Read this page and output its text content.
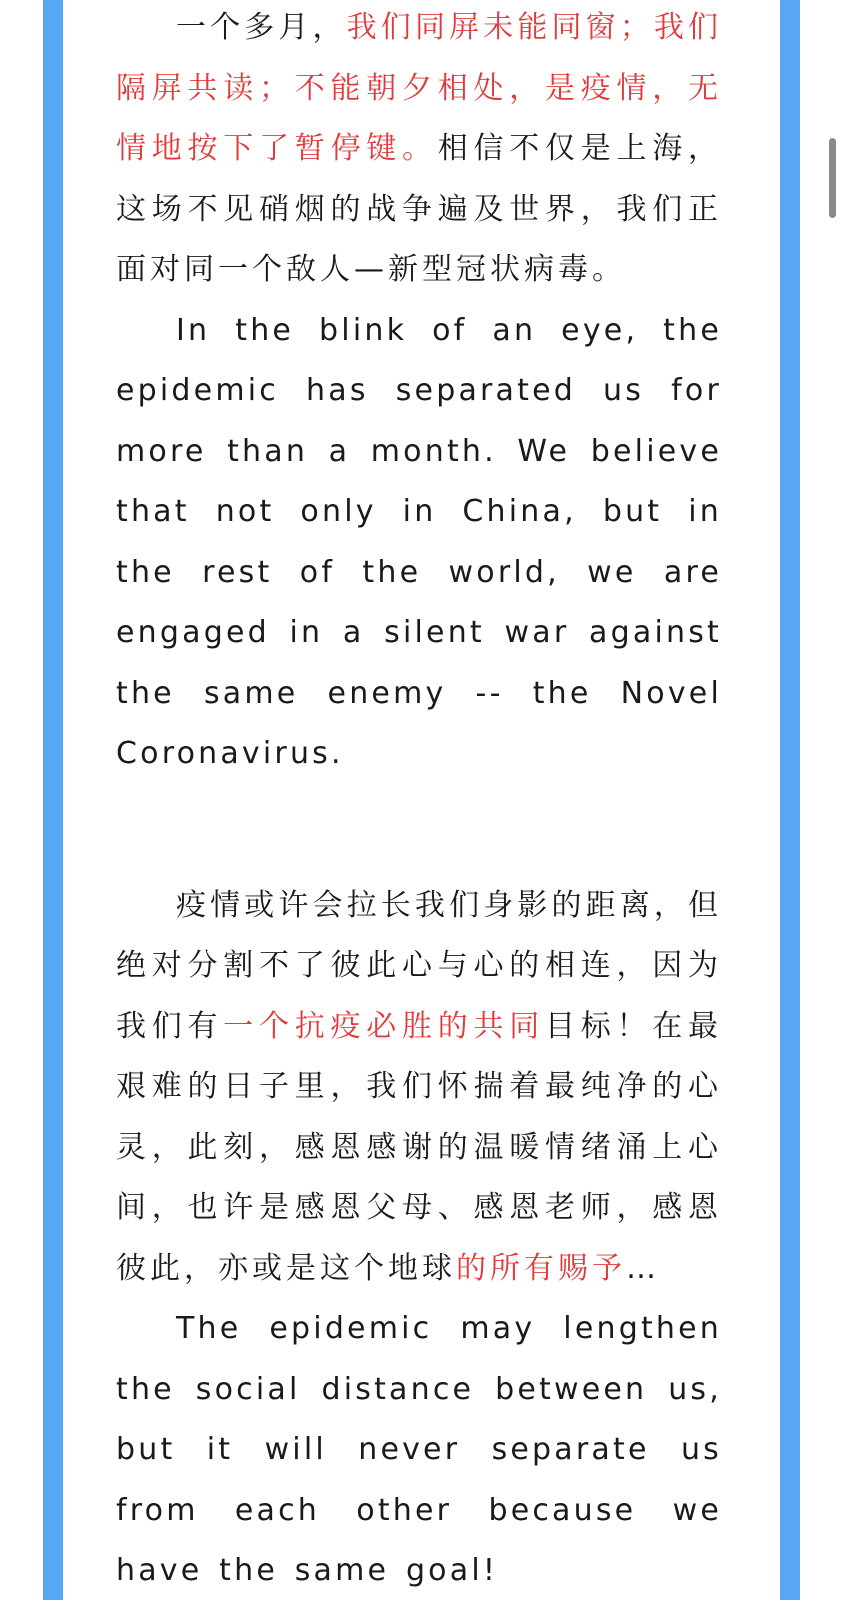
一个多月，我们同屏未能同窗；我们隔屏共读；不能朝夕相处，是疫情，无情地按下了暂停键。相信不仅是上海，这场不见硝烟的战争遍及世界，我们正面对同一个敌人—新型冠状病毒。

In the blink of an eye, the epidemic has separated us for more than a month. We believe that not only in China, but in the rest of the world, we are engaged in a silent war against the same enemy -- the Novel Coronavirus.

疫情或许会拉长我们身影的距离，但绝对分割不了彼此心与心的相连，因为我们有一个抗疫必胜的共同目标！在最艰难的日子里，我们怀揣着最纯净的心灵，此刻，感恩感谢的温暖情绪涌上心间，也许是感恩父母、感恩老师，感恩彼此，亦或是这个地球的所有赐予…

The epidemic may lengthen the social distance between us, but it will never separate us from each other because we have the same goal!
